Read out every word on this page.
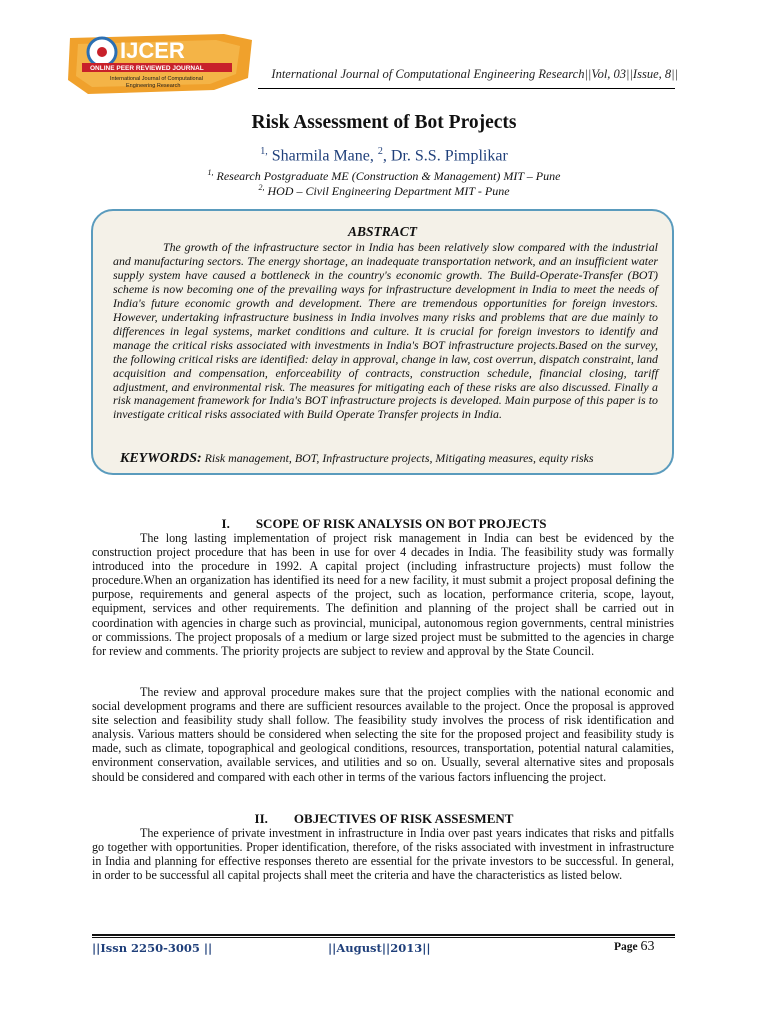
IJCER
ONLINE PEER REVIEWED JOURNAL
International Journal of Computational
Engineering Research
International Journal of Computational Engineering Research||Vol, 03||Issue, 8||
Risk Assessment of Bot Projects
$^{1,}$ Sharmila Mane, $^2$, Dr. S.S. Pimplikar
$^{1,}$ Research Postgraduate ME (Construction & Management) MIT – Pune
$^{2,}$ HOD – Civil Engineering Department MIT - Pune
ABSTRACT

The growth of the infrastructure sector in India has been relatively slow compared with the industrial and manufacturing sectors. The energy shortage, an inadequate transportation network, and an insufficient water supply system have caused a bottleneck in the country's economic growth. The Build-Operate-Transfer (BOT) scheme is now becoming one of the prevailing ways for infrastructure development in India to meet the needs of India's future economic growth and development. There are tremendous opportunities for foreign investors. However, undertaking infrastructure business in India involves many risks and problems that are due mainly to differences in legal systems, market conditions and culture. It is crucial for foreign investors to identify and manage the critical risks associated with investments in India's BOT infrastructure projects.Based on the survey, the following critical risks are identified: delay in approval, change in law, cost overrun, dispatch constraint, land acquisition and compensation, enforceability of contracts, construction schedule, financial closing, tariff adjustment, and environmental risk. The measures for mitigating each of these risks are also discussed. Finally a risk management framework for India's BOT infrastructure projects is developed. Main purpose of this paper is to investigate critical risks associated with Build Operate Transfer projects in India.

KEYWORDS: Risk management, BOT, Infrastructure projects, Mitigating measures, equity risks
I. SCOPE OF RISK ANALYSIS ON BOT PROJECTS

The long lasting implementation of project risk management in India can best be evidenced by the construction project procedure that has been in use for over 4 decades in India. The feasibility study was formally introduced into the procedure in 1992. A capital project (including infrastructure projects) must follow the procedure.When an organization has identified its need for a new facility, it must submit a project proposal defining the purpose, requirements and general aspects of the project, such as location, performance criteria, scope, layout, equipment, services and other requirements. The definition and planning of the project shall be carried out in coordination with agencies in charge such as provincial, municipal, autonomous region governments, central ministries or commissions. The project proposals of a medium or large sized project must be submitted to the agencies in charge for review and comments. The priority projects are subject to review and approval by the State Council.

The review and approval procedure makes sure that the project complies with the national economic and social development programs and there are sufficient resources available to the project. Once the proposal is approved site selection and feasibility study shall follow. The feasibility study involves the process of risk identification and analysis. Various matters should be considered when selecting the site for the proposed project and feasibility study is made, such as climate, topographical and geological conditions, resources, transportation, potential natural calamities, environment conservation, available services, and utilities and so on. Usually, several alternative sites and proposals should be considered and compared with each other in terms of the various factors influencing the project.

II. OBJECTIVES OF RISK ASSESMENT

The experience of private investment in infrastructure in India over past years indicates that risks and pitfalls go together with opportunities. Proper identification, therefore, of the risks associated with investment in infrastructure in India and planning for effective responses thereto are essential for the private investors to be successful. In general, in order to be successful all capital projects shall meet the criteria and have the characteristics as listed below.

||Issn 2250-3005 ||	||August||2013||	Page 63
